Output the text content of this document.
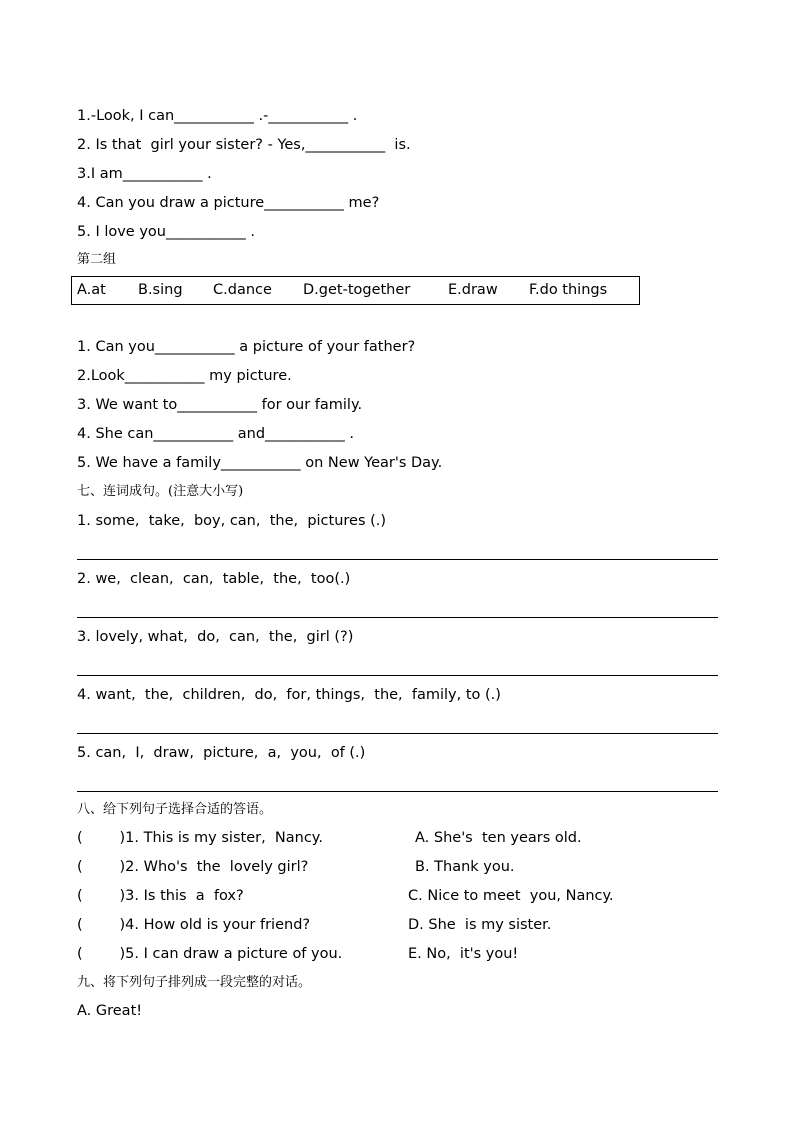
1.-Look, I can___________ .-___________ .
2. Is that  girl your sister? - Yes,___________  is.
3.I am___________ .
4. Can you draw a picture___________ me?
5. I love you___________ .
第二组
A.at B.sing C.dance D.get-together	E.draw F.do things
1. Can you___________ a picture of your father?
2.Look___________ my picture.
3. We want to___________ for our family.
4. She can___________ and___________ .
5. We have a family___________ on New Year's Day.
七、连词成句。(注意大小写)
1. some,  take,  boy, can,  the,  pictures (.)
2. we,  clean,  can,  table,  the,  too(.)
3. lovely, what,  do,  can,  the,  girl (?)
4. want,  the,  children,  do,  for, things,  the,  family, to (.)
5. can,  I,  draw,  picture,  a,  you,  of (.)
八、给下列句子选择合适的答语。
(        )1. This is my sister,  Nancy.	A. She's  ten years old.
(        )2. Who's  the  lovely girl?	B. Thank you.
(        )3. Is this  a  fox?	C. Nice to meet  you, Nancy.
(        )4. How old is your friend?	D. She  is my sister.
(        )5. I can draw a picture of you.	E. No,  it's you!
九、将下列句子排列成一段完整的对话。
A. Great!
